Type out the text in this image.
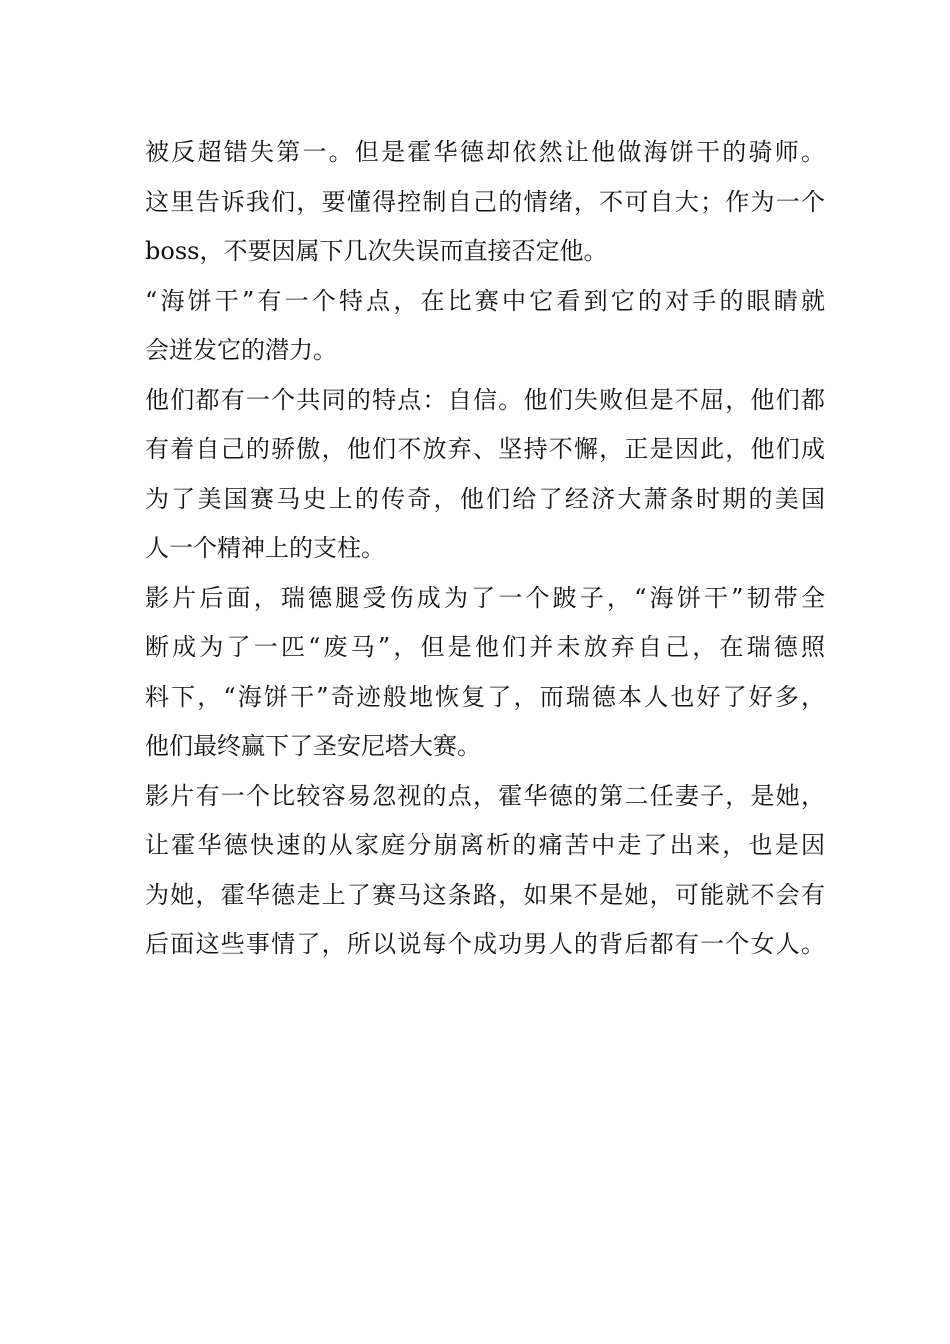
被反超错失第一。但是霍华德却依然让他做海饼干的骑师。
这里告诉我们，要懂得控制自己的情绪，不可自大；作为一个
boss，不要因属下几次失误而直接否定他。
“海饼干”有一个特点，在比赛中它看到它的对手的眼睛就
会迸发它的潜力。
他们都有一个共同的特点：自信。他们失败但是不屈，他们都
有着自己的骄傲，他们不放弃、坚持不懈，正是因此，他们成
为了美国赛马史上的传奇，他们给了经济大萧条时期的美国
人一个精神上的支柱。
影片后面，瑞德腿受伤成为了一个跛子，“海饼干”韧带全
断成为了一匹“废马”，但是他们并未放弃自己，在瑞德照
料下，“海饼干”奇迹般地恢复了，而瑞德本人也好了好多，
他们最终赢下了圣安尼塔大赛。
影片有一个比较容易忽视的点，霍华德的第二任妻子，是她，
让霍华德快速的从家庭分崩离析的痛苦中走了出来，也是因
为她，霍华德走上了赛马这条路，如果不是她，可能就不会有
后面这些事情了，所以说每个成功男人的背后都有一个女人。
